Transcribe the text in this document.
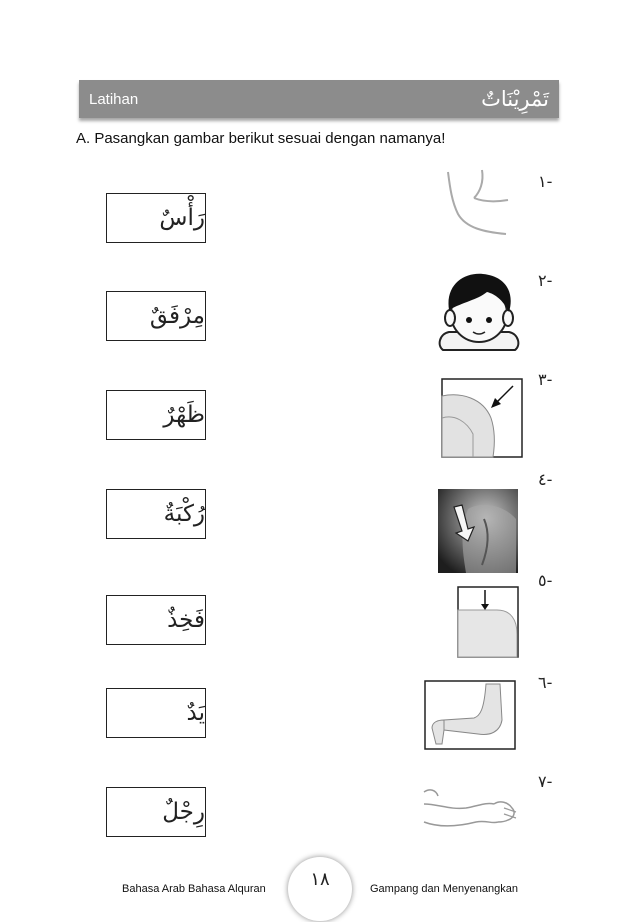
Latihan	تَمْرِيْنَاتٌ
A. Pasangkan gambar berikut sesuai dengan namanya!
رَأْسٌ
مِرْفَقٌ
ظَهْرٌ
رُكْبَةٌ
فَخِذٌ
يَدٌ
رِجْلٌ
-١
-٢
-٣
-٤
-٥
-٦
-٧
Bahasa Arab Bahasa Alquran ١٨	Gampang dan Menyenangkan
